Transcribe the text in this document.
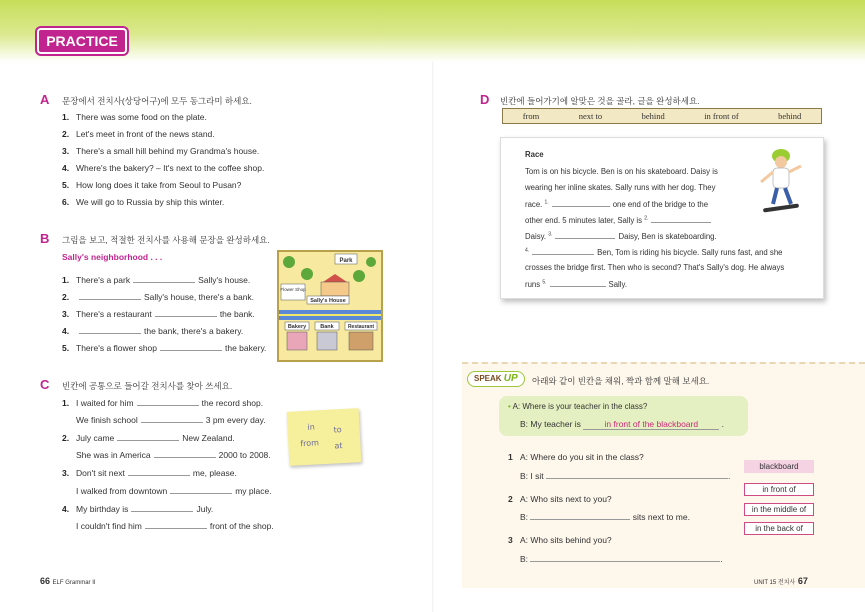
PRACTICE
A 문장에서 전치사(상당어구)에 모두 동그라미 하세요.
1. There was some food on the plate.
2. Let's meet in front of the news stand.
3. There's a small hill behind my Grandma's house.
4. Where's the bakery? – It's next to the coffee shop.
5. How long does it take from Seoul to Pusan?
6. We will go to Russia by ship this winter.
B 그림을 보고, 적절한 전치사를 사용해 문장을 완성하세요.
Sally's neighborhood . . .
1. There's a park	Sally's house.
2.	Sally's house, there's a bank.
3. There's a restaurant	the bank.
4.	the bank, there's a bakery.
5. There's a flower shop	the bakery.
Park
Flower Shop
Sally's House
Bakery	Bank	Restaurant
C 빈칸에 공통으로 들어갈 전치사를 찾아 쓰세요.
1. I waited for him	the record shop.
We finish school	3 pm every day.
2. July came	New Zealand.
She was in America	2000 to 2008.
3. Don't sit next	me, please.
I walked from downtown	my place.
4. My birthday is	July.
I couldn't find him	front of the shop.
in to
from at
D 빈칸에 들어가기에 알맞은 것을 골라, 글을 완성하세요.
from	next to	behind	in front of	behind
Race
Tom is on his bicycle. Ben is on his skateboard. Daisy is
wearing her inline skates. Sally runs with her dog. They
race. $^{1.}$	one end of the bridge to the
other end. 5 minutes later, Sally is $^{2.}$
Daisy. $^{3.}$	Daisy, Ben is skateboarding.
$^{4.}$	Ben, Tom is riding his bicycle. Sally runs fast, and she
crosses the bridge first. Then who is second? That's Sally's dog. He always
runs $^{5.}$	Sally.
SPEAK UP	아래와 같이 빈칸을 채워, 짝과 함께 말해 보세요.
• A: Where is your teacher in the class?
B: My teacher is	in front of the blackboard .
1 A: Where do you sit in the class?
B: I sit	.
2 A: Who sits next to you?
B:	sits next to me.
3 A: Who sits behind you?
B:	.
blackboard
in front of
in the middle of
in the back of
66 ELF Grammar II	UNIT 15 전치사 67
